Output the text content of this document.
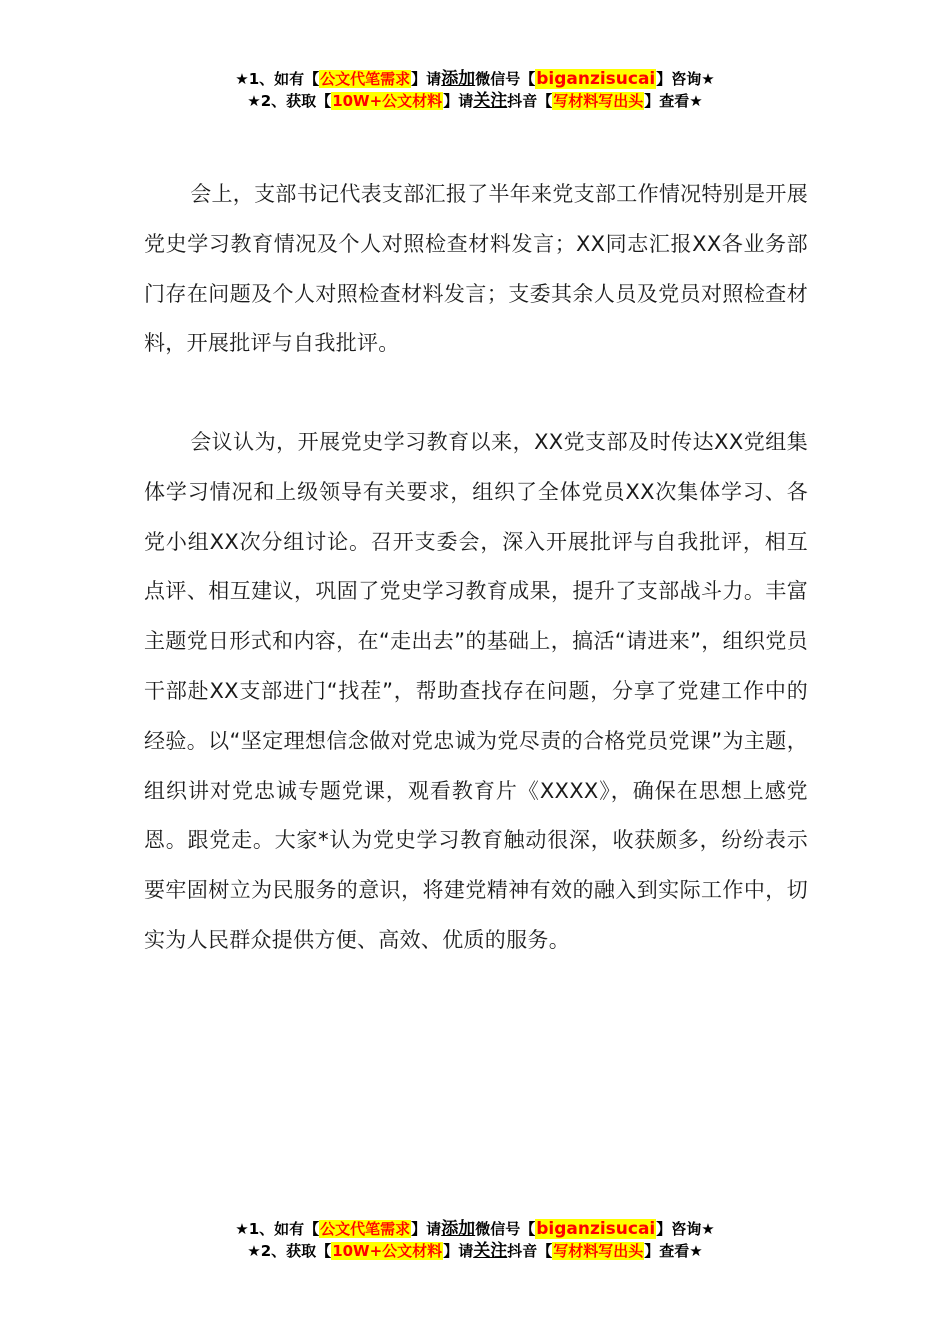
★1、如有【公文代笔需求】请添加微信号【biganzisucai】咨询★
★2、获取【10W+公文材料】请关注抖音【写材料写出头】查看★

会上，支部书记代表支部汇报了半年来党支部工作情况特别是开展党史学习教育情况及个人对照检查材料发言；XX同志汇报XX各业务部门存在问题及个人对照检查材料发言；支委其余人员及党员对照检查材料，开展批评与自我批评。

会议认为，开展党史学习教育以来，XX党支部及时传达XX党组集体学习情况和上级领导有关要求，组织了全体党员XX次集体学习、各党小组XX次分组讨论。召开支委会，深入开展批评与自我批评，相互点评、相互建议，巩固了党史学习教育成果，提升了支部战斗力。丰富主题党日形式和内容，在“走出去”的基础上，搞活“请进来”，组织党员干部赴XX支部进门“找茬”，帮助查找存在问题，分享了党建工作中的经验。以“坚定理想信念做对党忠诚为党尽责的合格党员党课”为主题，组织讲对党忠诚专题党课，观看教育片《XXXX》，确保在思想上感党恩。跟党走。大家*认为党史学习教育触动很深，收获颇多，纷纷表示要牢固树立为民服务的意识，将建党精神有效的融入到实际工作中，切实为人民群众提供方便、高效、优质的服务。

★1、如有【公文代笔需求】请添加微信号【biganzisucai】咨询★
★2、获取【10W+公文材料】请关注抖音【写材料写出头】查看★
